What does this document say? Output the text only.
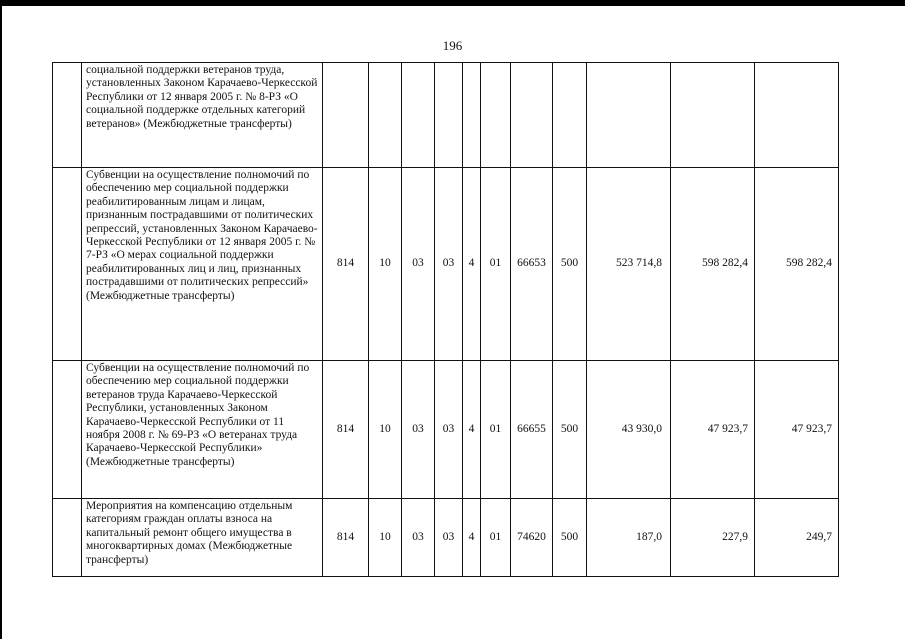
196
	социальной поддержки ветеранов труда, установленных Законом Карачаево-Черкесской Республики от 12 января 2005 г. № 8-РЗ «О социальной поддержке отдельных категорий ветеранов» (Межбюджетные трансферты)											
	Субвенции на осуществление полномочий по обеспечению мер социальной поддержки реабилитированным лицам и лицам, признанным пострадавшими от политических репрессий, установленных Законом Карачаево-Черкесской Республики от 12 января 2005 г. № 7-РЗ «О мерах социальной поддержки реабилитированных лиц и лиц, признанных пострадавшими от политических репрессий» (Межбюджетные трансферты)	814	10	03	03	4	01	66653	500	523 714,8	598 282,4	598 282,4
	Субвенции на осуществление полномочий по обеспечению мер социальной поддержки ветеранов труда Карачаево-Черкесской Республики, установленных Законом Карачаево-Черкесской Республики от 11 ноября 2008 г. № 69-РЗ «О ветеранах труда Карачаево-Черкесской Республики» (Межбюджетные трансферты)	814	10	03	03	4	01	66655	500	43 930,0	47 923,7	47 923,7
	Мероприятия на компенсацию отдельным категориям граждан оплаты взноса на капитальный ремонт общего имущества в многоквартирных домах (Межбюджетные трансферты)	814	10	03	03	4	01	74620	500	187,0	227,9	249,7
